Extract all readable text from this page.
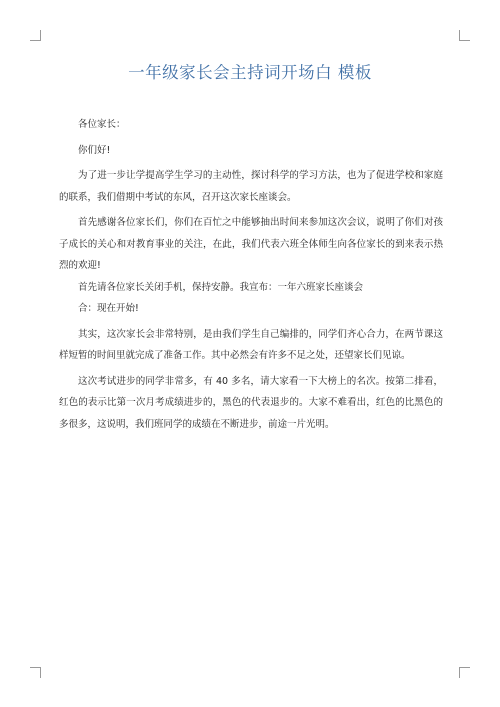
一年级家长会主持词开场白 模板

各位家长：

你们好!

为了进一步让学提高学生学习的主动性，探讨科学的学习方法，也为了促进学校和家庭的联系，我们借期中考试的东风，召开这次家长座谈会。

首先感谢各位家长们，你们在百忙之中能够抽出时间来参加这次会议，说明了你们对孩子成长的关心和对教育事业的关注，在此，我们代表六班全体师生向各位家长的到来表示热烈的欢迎!

首先请各位家长关闭手机，保持安静。我宣布：一年六班家长座谈会

合：现在开始!

其实，这次家长会非常特别，是由我们学生自己编排的，同学们齐心合力，在两节课这样短暂的时间里就完成了准备工作。其中必然会有许多不足之处，还望家长们见谅。

这次考试进步的同学非常多，有 40 多名，请大家看一下大榜上的名次。按第二排看，红色的表示比第一次月考成绩进步的，黑色的代表退步的。大家不难看出，红色的比黑色的多很多，这说明，我们班同学的成绩在不断进步，前途一片光明。
